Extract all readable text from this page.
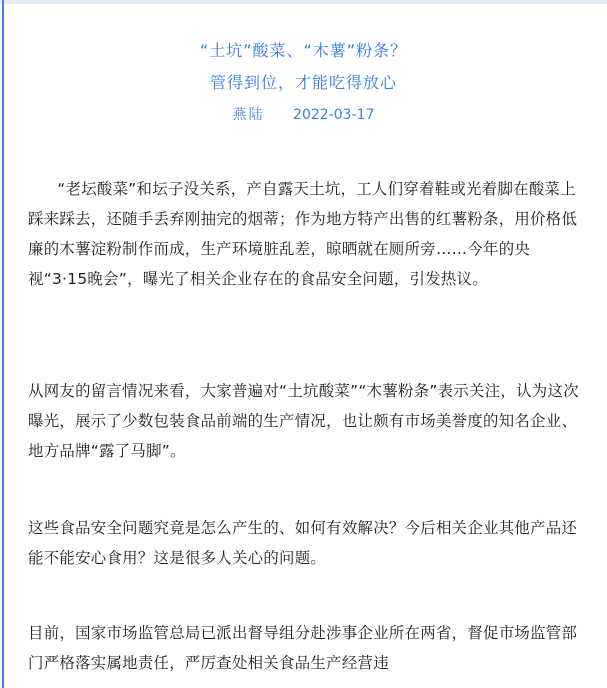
“土坑”酸菜、“木薯”粉条？
管得到位，才能吃得放心
燕陆 2022-03-17

“老坛酸菜”和坛子没关系，产自露天土坑，工人们穿着鞋或光着脚在酸菜上踩来踩去，还随手丢弃刚抽完的烟蒂；作为地方特产出售的红薯粉条，用价格低廉的木薯淀粉制作而成，生产环境脏乱差，晾晒就在厕所旁……今年的央视“3·15晚会”，曝光了相关企业存在的食品安全问题，引发热议。

从网友的留言情况来看，大家普遍对“土坑酸菜”“木薯粉条”表示关注，认为这次曝光，展示了少数包装食品前端的生产情况，也让颇有市场美誉度的知名企业、地方品牌“露了马脚”。

这些食品安全问题究竟是怎么产生的、如何有效解决？今后相关企业其他产品还能不能安心食用？这是很多人关心的问题。

目前，国家市场监管总局已派出督导组分赴涉事企业所在两省，督促市场监管部门严格落实属地责任，严厉查处相关食品生产经营违
